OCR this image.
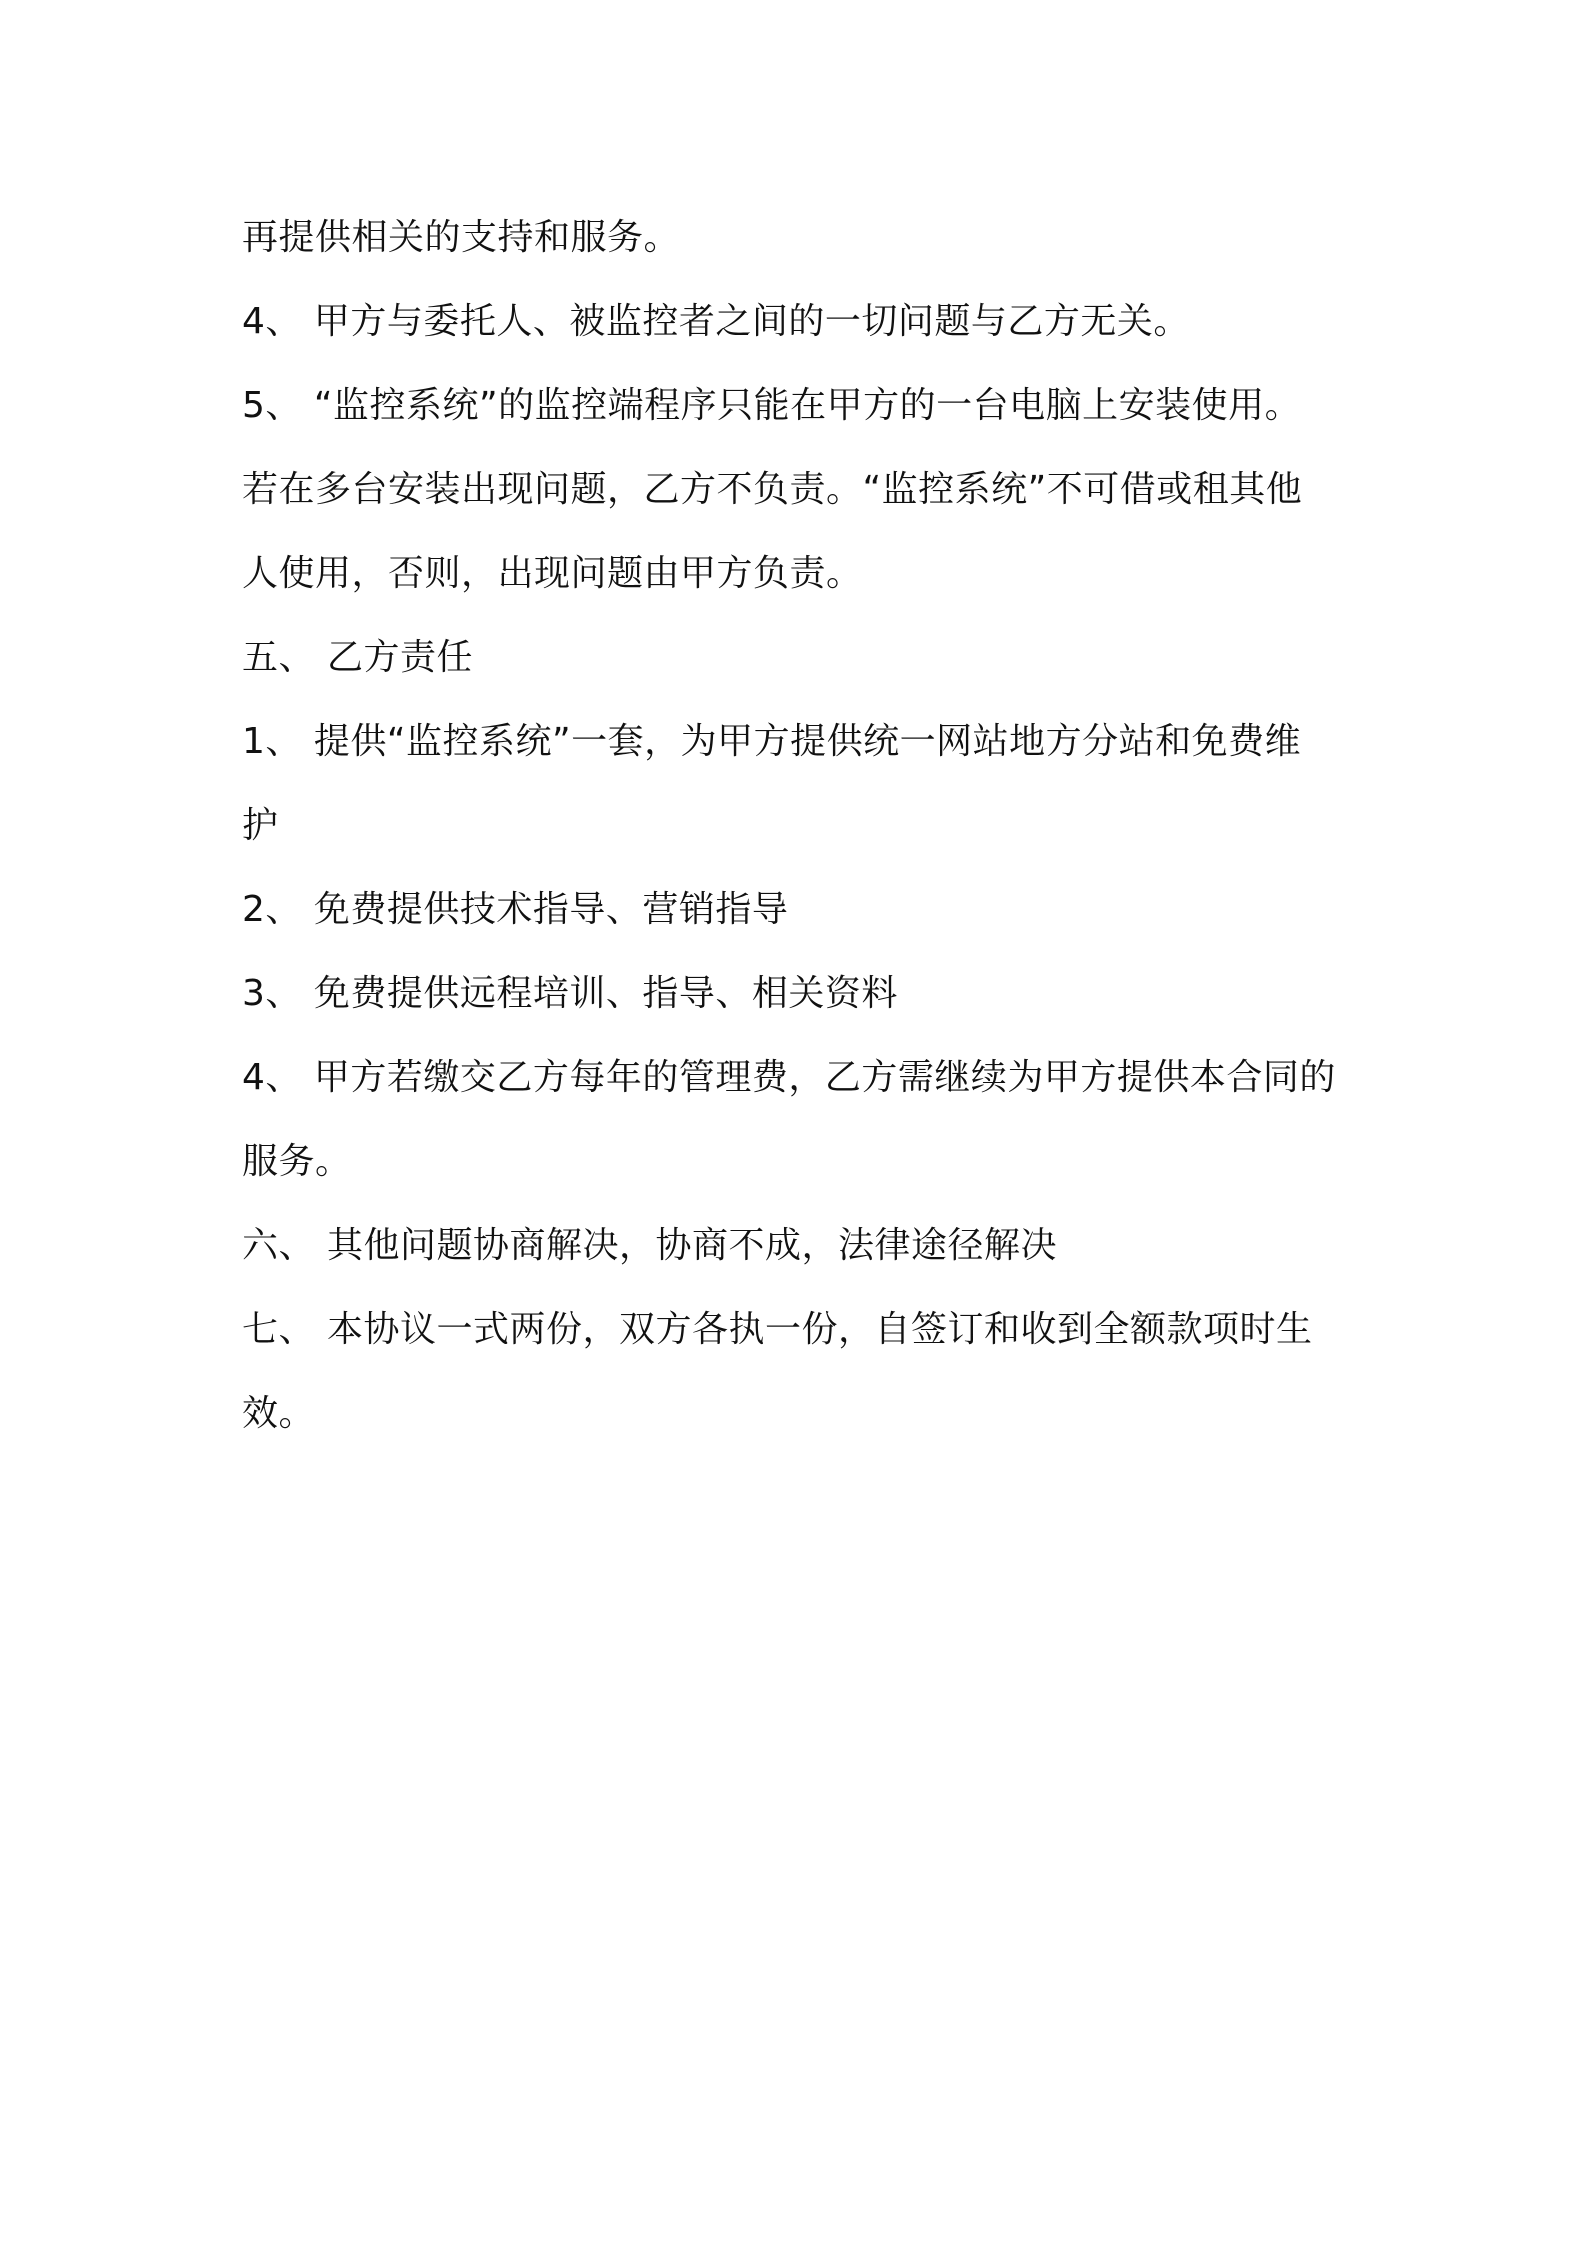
再提供相关的支持和服务。
4、 甲方与委托人、被监控者之间的一切问题与乙方无关。
5、 “监控系统”的监控端程序只能在甲方的一台电脑上安装使用。
若在多台安装出现问题，乙方不负责。“监控系统”不可借或租其他
人使用，否则，出现问题由甲方负责。
五、 乙方责任
1、 提供“监控系统”一套，为甲方提供统一网站地方分站和免费维
护
2、 免费提供技术指导、营销指导
3、 免费提供远程培训、指导、相关资料
4、 甲方若缴交乙方每年的管理费，乙方需继续为甲方提供本合同的
服务。
六、 其他问题协商解决，协商不成，法律途径解决
七、 本协议一式两份，双方各执一份，自签订和收到全额款项时生
效。
